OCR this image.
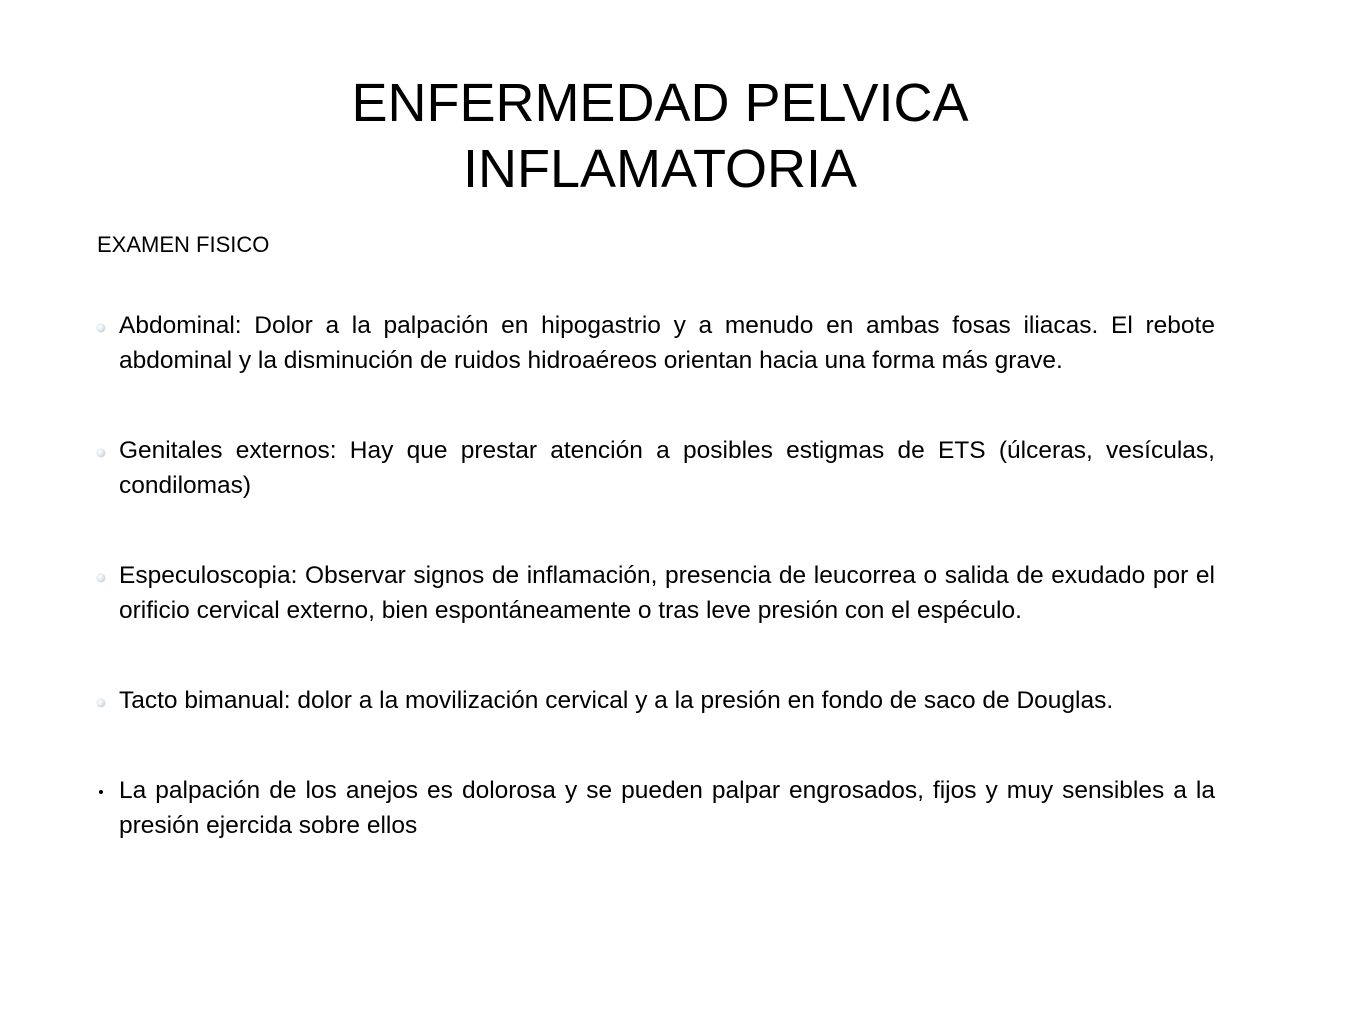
ENFERMEDAD PELVICA
INFLAMATORIA
EXAMEN FISICO
Abdominal: Dolor a la palpación en hipogastrio y a menudo en ambas fosas iliacas. El rebote abdominal y la disminución de ruidos hidroaéreos orientan hacia una forma más grave.
Genitales externos: Hay que prestar atención a posibles estigmas de ETS (úlceras, vesículas, condilomas)
Especuloscopia: Observar signos de inflamación, presencia de leucorrea o salida de exudado por el orificio cervical externo, bien espontáneamente o tras leve presión con el espéculo.
Tacto bimanual: dolor a la movilización cervical y a la presión en fondo de saco de Douglas.
La palpación de los anejos es dolorosa y se pueden palpar engrosados, fijos y muy sensibles a la presión ejercida sobre ellos
